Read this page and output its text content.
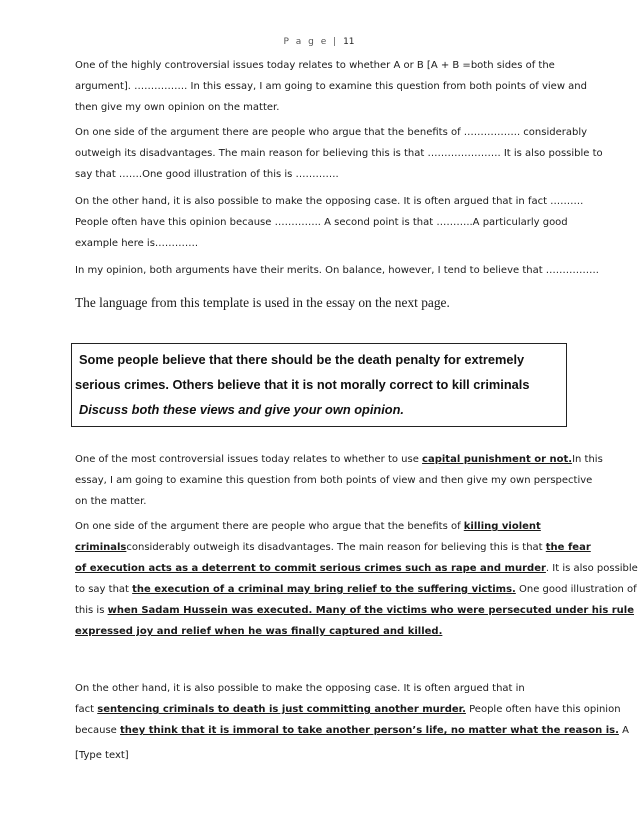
P a g e | 11
One of the highly controversial issues today relates to whether A or B [A + B =both sides of the
argument]. ……………. In this essay, I am going to examine this question from both points of view and
then give my own opinion on the matter.
On one side of the argument there are people who argue that the benefits of …………….. considerably
outweigh its disadvantages. The main reason for believing this is that …………………. It is also possible to
say that …….One good illustration of this is ………….
On the other hand, it is also possible to make the opposing case. It is often argued that in fact ……….
People often have this opinion because ………….. A second point is that ………..A particularly good
example here is………….
In my opinion, both arguments have their merits. On balance, however, I tend to believe that …………….
The language from this template is used in the essay on the next page.
Some people believe that there should be the death penalty for extremely
serious crimes. Others believe that it is not morally correct to kill criminals
Discuss both these views and give your own opinion.
One of the most controversial issues today relates to whether to use capital punishment or not.In this
essay, I am going to examine this question from both points of view and then give my own perspective
on the matter.
On one side of the argument there are people who argue that the benefits of killing violent
criminalsconsiderably outweigh its disadvantages. The main reason for believing this is that the fear
of execution acts as a deterrent to commit serious crimes such as rape and murder. It is also possible
to say that the execution of a criminal may bring relief to the suffering victims. One good illustration of
this is when Sadam Hussein was executed. Many of the victims who were persecuted under his rule
expressed joy and relief when he was finally captured and killed.
On the other hand, it is also possible to make the opposing case. It is often argued that in
fact sentencing criminals to death is just committing another murder. People often have this opinion
because they think that it is immoral to take another person’s life, no matter what the reason is. A
[Type text]
